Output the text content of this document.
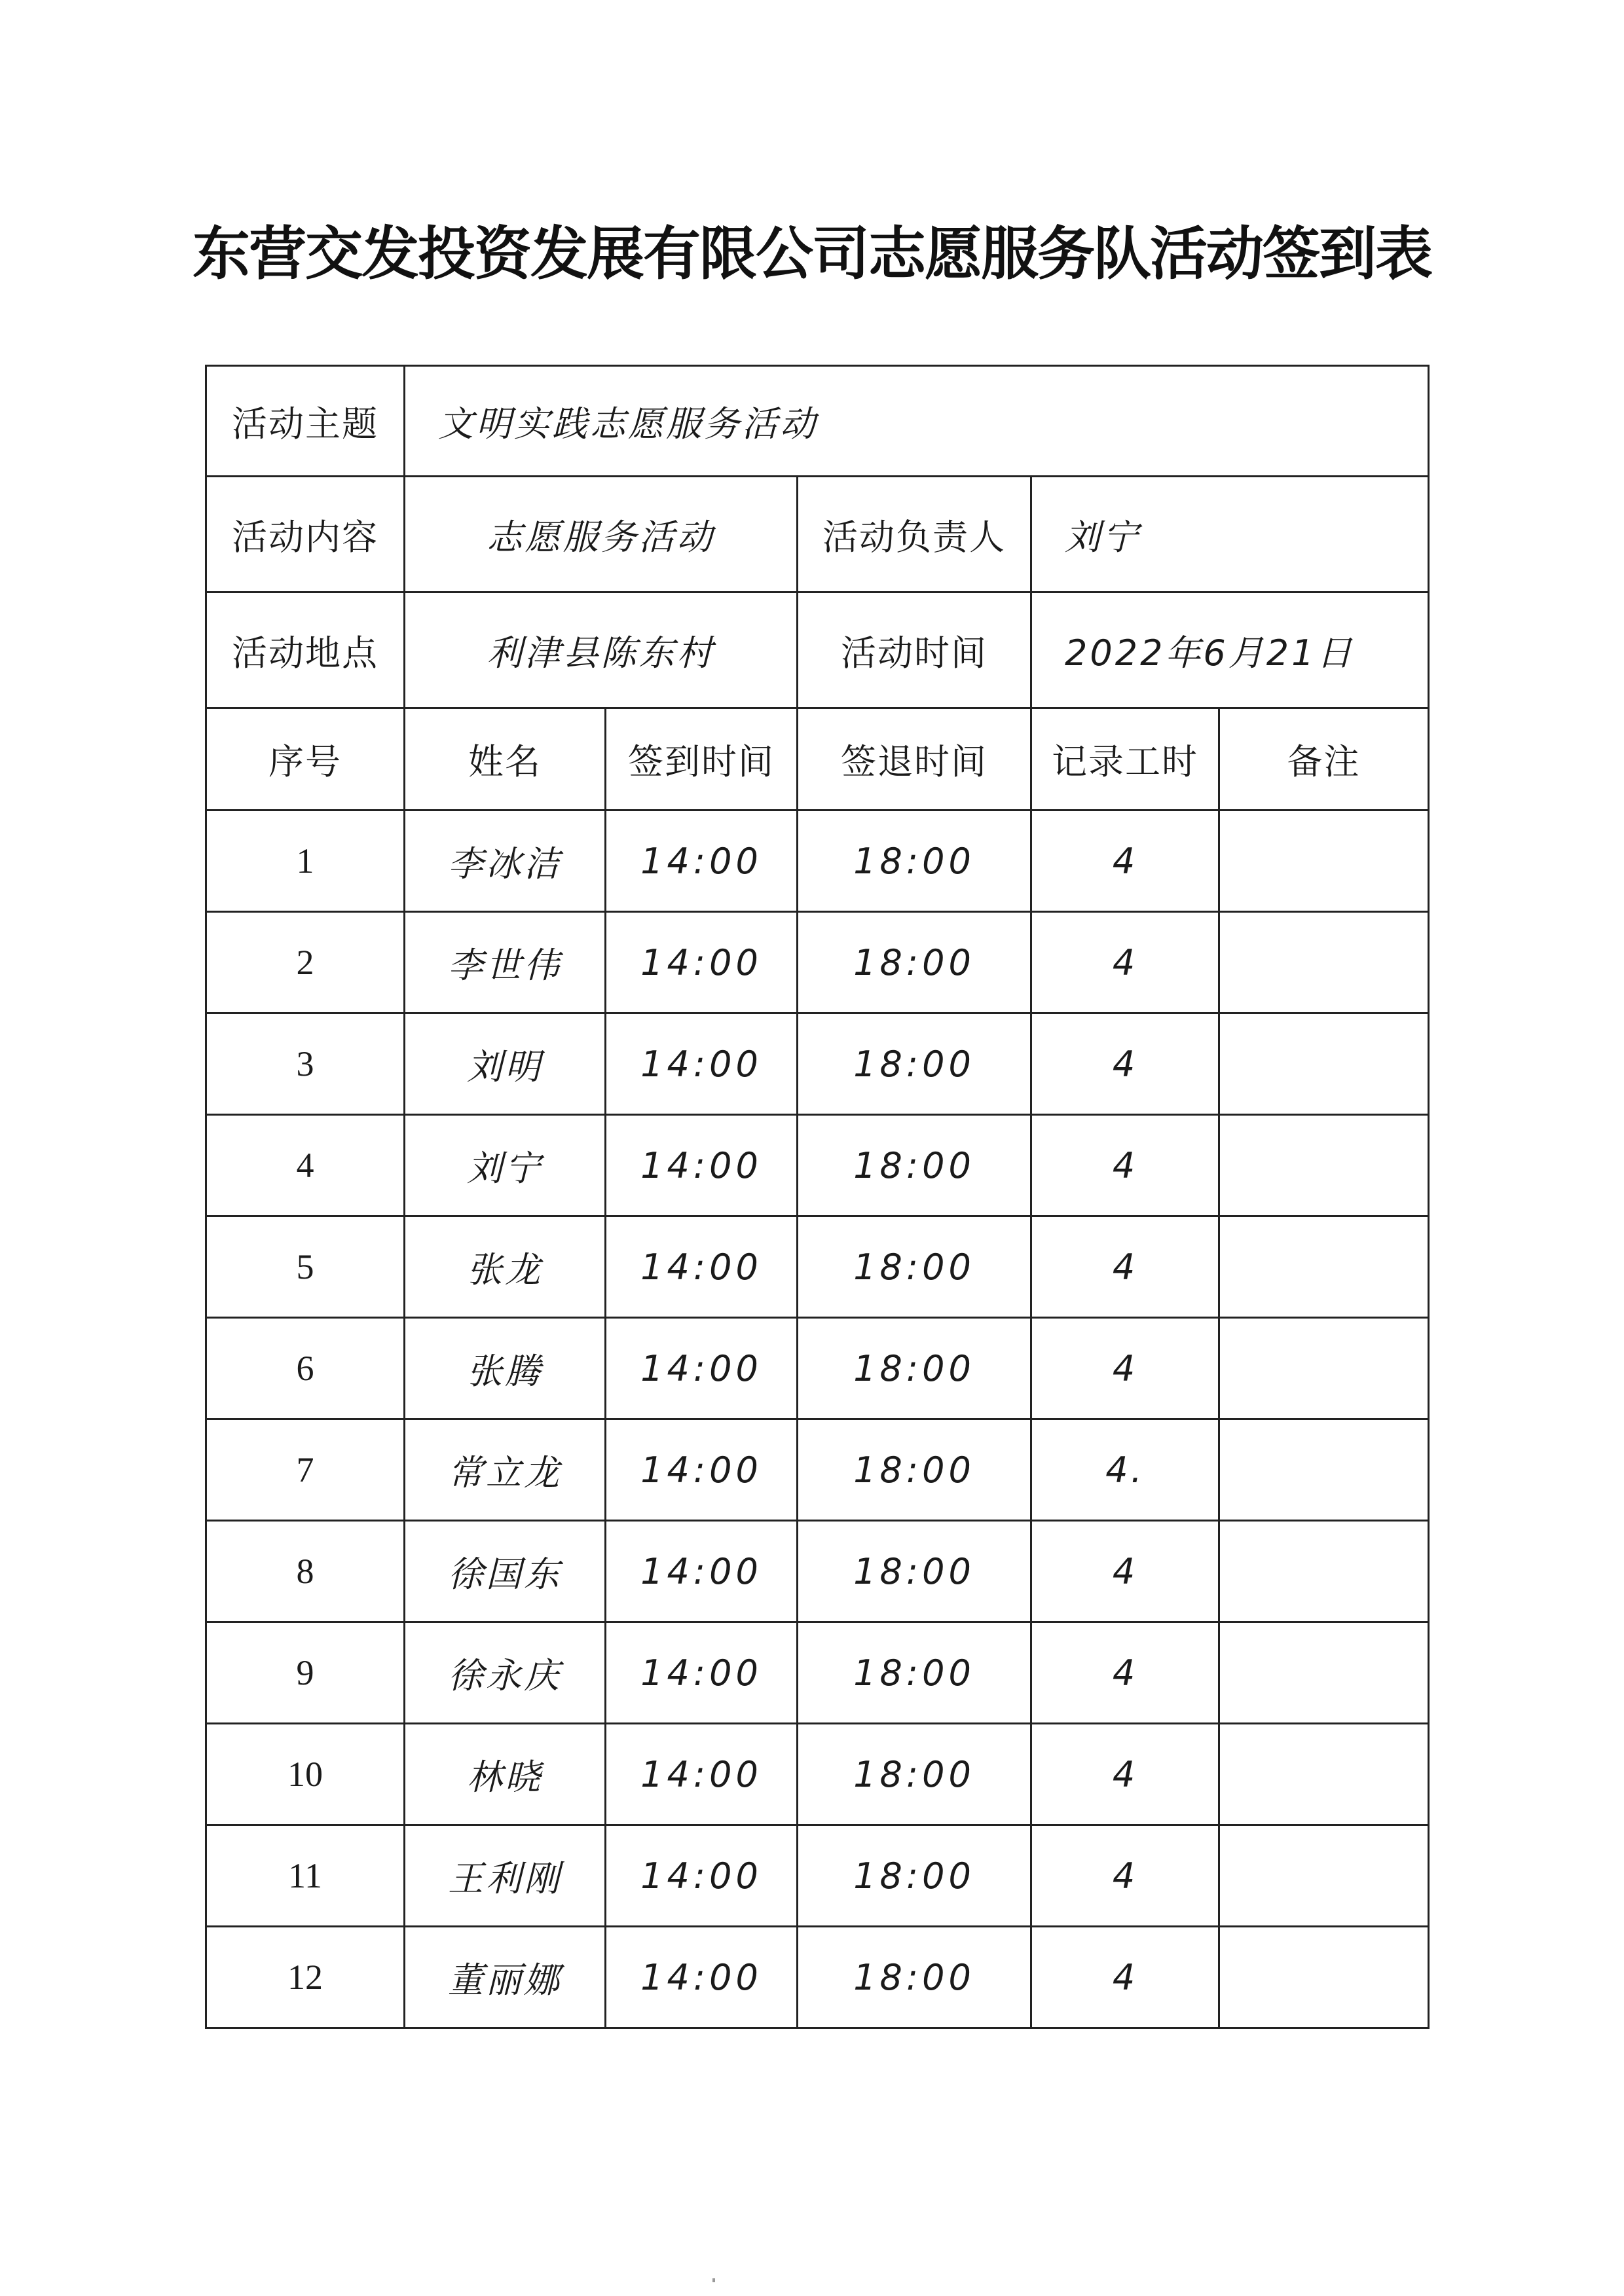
东营交发投资发展有限公司志愿服务队活动签到表
活动主题	文明实践志愿服务活动				
活动内容	志愿服务活动		活动负责人	刘宁	
活动地点	利津县陈东村		活动时间	2022年6月21日	
序号	姓名	签到时间	签退时间	记录工时	备注
1	李冰洁	14:00	18:00	4	
2	李世伟	14:00	18:00	4	
3	刘明	14:00	18:00	4	
4	刘宁	14:00	18:00	4	
5	张龙	14:00	18:00	4	
6	张腾	14:00	18:00	4	
7	常立龙	14:00	18:00	4.	
8	徐国东	14:00	18:00	4	
9	徐永庆	14:00	18:00	4	
10	林晓	14:00	18:00	4	
11	王利刚	14:00	18:00	4	
12	董丽娜	14:00	18:00	4	
